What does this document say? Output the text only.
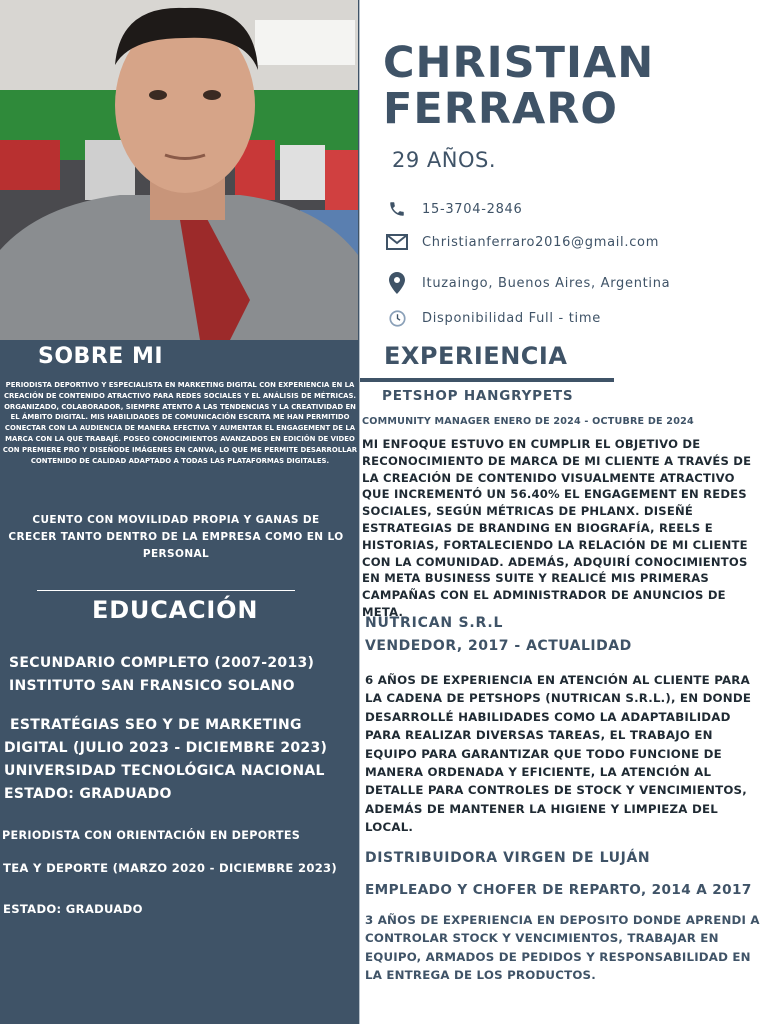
SOBRE MI

PERIODISTA DEPORTIVO Y ESPECIALISTA EN MARKETING DIGITAL CON EXPERIENCIA EN LA CREACIÓN DE CONTENIDO ATRACTIVO PARA REDES SOCIALES Y EL ANÁLISIS DE MÉTRICAS. ORGANIZADO, COLABORADOR, SIEMPRE ATENTO A LAS TENDENCIAS Y LA CREATIVIDAD EN EL ÁMBITO DIGITAL. MIS HABILIDADES DE COMUNICACIÓN ESCRITA ME HAN PERMITIDO CONECTAR CON LA AUDIENCIA DE MANERA EFECTIVA Y AUMENTAR EL ENGAGEMENT DE LA MARCA CON LA QUE TRABAJÉ. POSEO CONOCIMIENTOS AVANZADOS EN EDICIÓN DE VIDEO CON PREMIERE PRO Y DISEÑODE IMÁGENES EN CANVA, LO QUE ME PERMITE DESARROLLAR CONTENIDO DE CALIDAD ADAPTADO A TODAS LAS PLATAFORMAS DIGITALES.

CUENTO CON MOVILIDAD PROPIA Y GANAS DE CRECER TANTO DENTRO DE LA EMPRESA COMO EN LO PERSONAL

EDUCACIÓN

SECUNDARIO COMPLETO (2007-2013)

INSTITUTO SAN FRANSICO SOLANO

ESTRATÉGIAS SEO Y DE MARKETING

DIGITAL (JULIO 2023 - DICIEMBRE 2023)

UNIVERSIDAD TECNOLÓGICA NACIONAL

ESTADO: GRADUADO

PERIODISTA CON ORIENTACIÓN EN DEPORTES

TEA Y DEPORTE (MARZO 2020 - DICIEMBRE 2023)

ESTADO: GRADUADO

CHRISTIAN
FERRARO

29 AÑOS.

15-3704-2846
Christianferraro2016@gmail.com
Ituzaingo, Buenos Aires, Argentina
Disponibilidad Full - time
EXPERIENCIA

PETSHOP HANGRYPETS

COMMUNITY MANAGER ENERO DE 2024 - OCTUBRE DE 2024

MI ENFOQUE ESTUVO EN CUMPLIR EL OBJETIVO DE RECONOCIMIENTO DE MARCA DE MI CLIENTE A TRAVÉS DE LA CREACIÓN DE CONTENIDO VISUALMENTE ATRACTIVO QUE INCREMENTÓ UN 56.40% EL ENGAGEMENT EN REDES SOCIALES, SEGÚN MÉTRICAS DE PHLANX. DISEÑÉ ESTRATEGIAS DE BRANDING EN BIOGRAFÍA, REELS E HISTORIAS, FORTALECIENDO LA RELACIÓN DE MI CLIENTE CON LA COMUNIDAD. ADEMÁS, ADQUIRÍ CONOCIMIENTOS EN META BUSINESS SUITE Y REALICÉ MIS PRIMERAS CAMPAÑAS CON EL ADMINISTRADOR DE ANUNCIOS DE META.

NUTRICAN S.R.L

VENDEDOR, 2017 - ACTUALIDAD

6 AÑOS DE EXPERIENCIA EN ATENCIÓN AL CLIENTE PARA LA CADENA DE PETSHOPS (NUTRICAN S.R.L.), EN DONDE DESARROLLÉ HABILIDADES COMO LA ADAPTABILIDAD PARA REALIZAR DIVERSAS TAREAS, EL TRABAJO EN EQUIPO PARA GARANTIZAR QUE TODO FUNCIONE DE MANERA ORDENADA Y EFICIENTE, LA ATENCIÓN AL DETALLE PARA CONTROLES DE STOCK Y VENCIMIENTOS, ADEMÁS DE MANTENER LA HIGIENE Y LIMPIEZA DEL LOCAL.

DISTRIBUIDORA VIRGEN DE LUJÁN

EMPLEADO Y CHOFER DE REPARTO, 2014 A 2017

3 AÑOS DE EXPERIENCIA EN DEPOSITO DONDE APRENDI A CONTROLAR STOCK Y VENCIMIENTOS, TRABAJAR EN EQUIPO, ARMADOS DE PEDIDOS Y RESPONSABILIDAD EN LA ENTREGA DE LOS PRODUCTOS.
